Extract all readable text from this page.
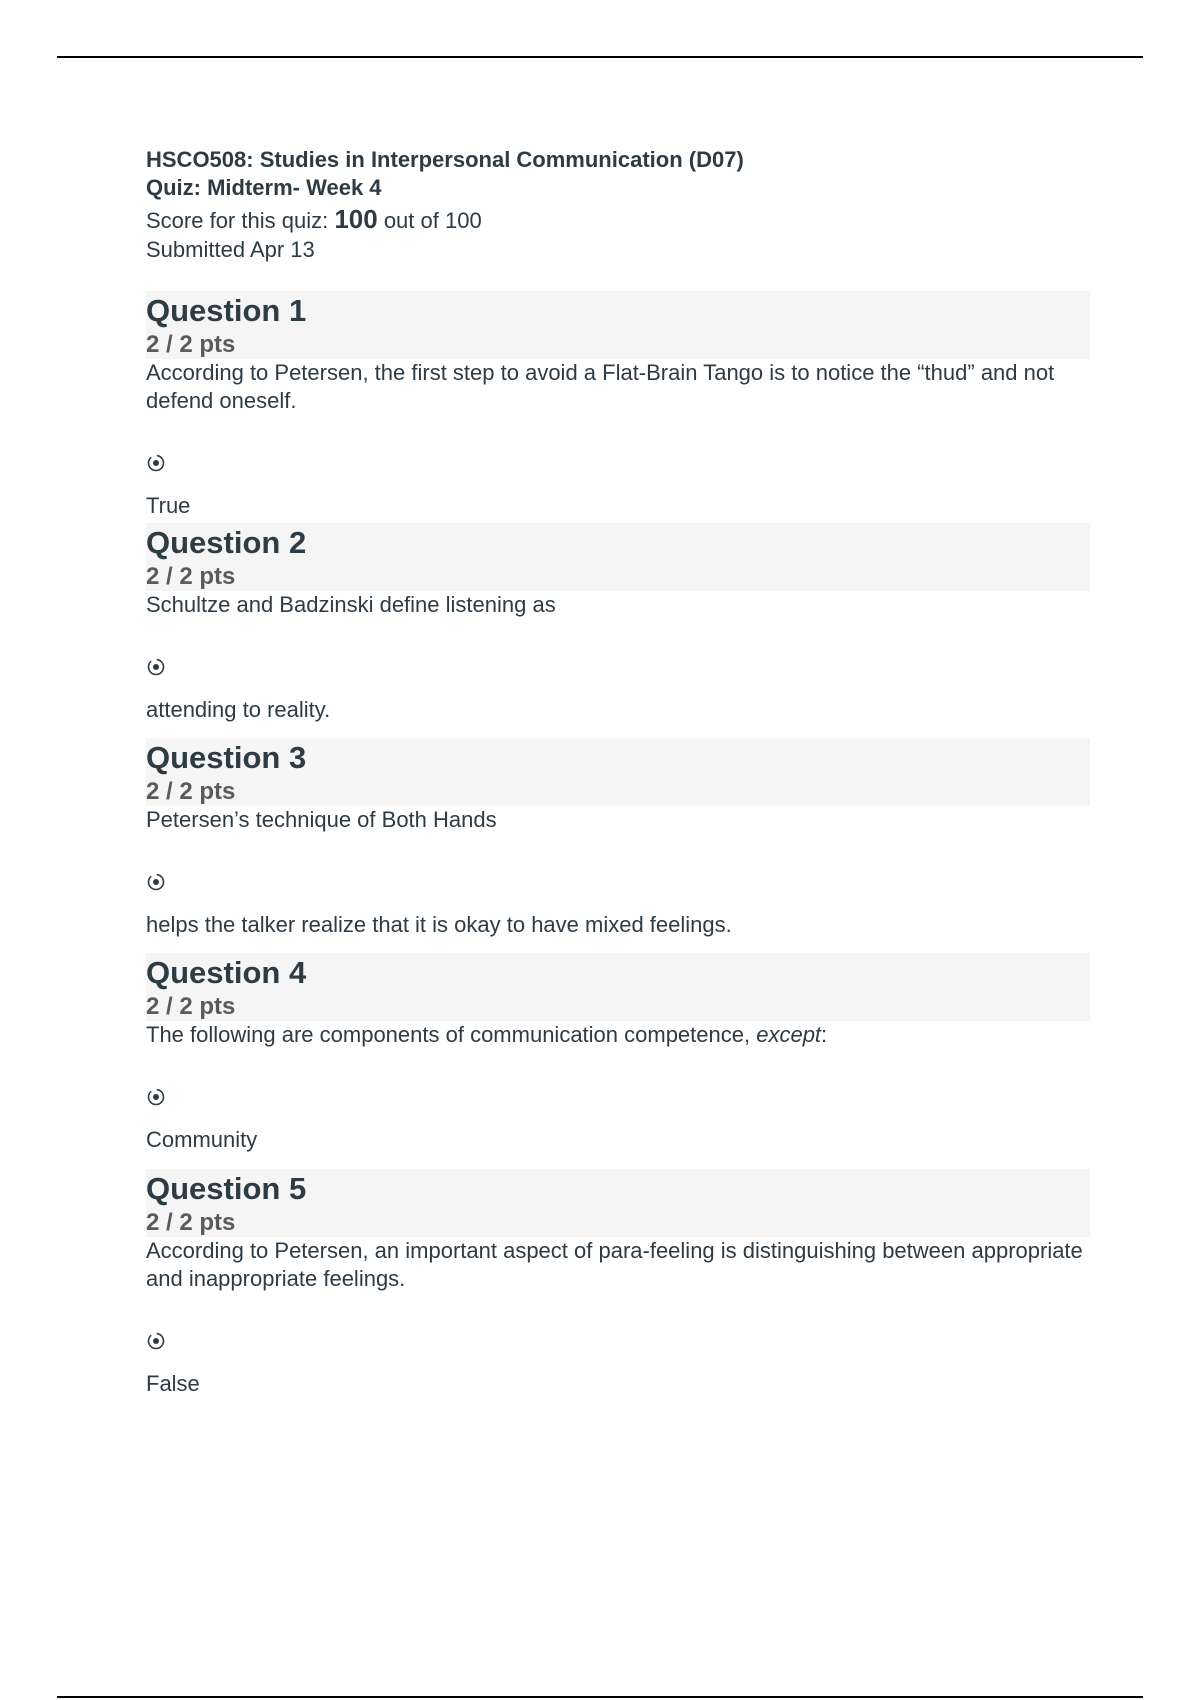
HSCO508: Studies in Interpersonal Communication (D07)
Quiz: Midterm- Week 4
Score for this quiz: 100 out of 100
Submitted Apr 13
Question 1
2 / 2 pts
According to Petersen, the first step to avoid a Flat-Brain Tango is to notice the “thud” and not defend oneself.
True
Question 2
2 / 2 pts
Schultze and Badzinski define listening as
attending to reality.
Question 3
2 / 2 pts
Petersen’s technique of Both Hands
helps the talker realize that it is okay to have mixed feelings.
Question 4
2 / 2 pts
The following are components of communication competence, except:
Community
Question 5
2 / 2 pts
According to Petersen, an important aspect of para-feeling is distinguishing between appropriate and inappropriate feelings.
False
